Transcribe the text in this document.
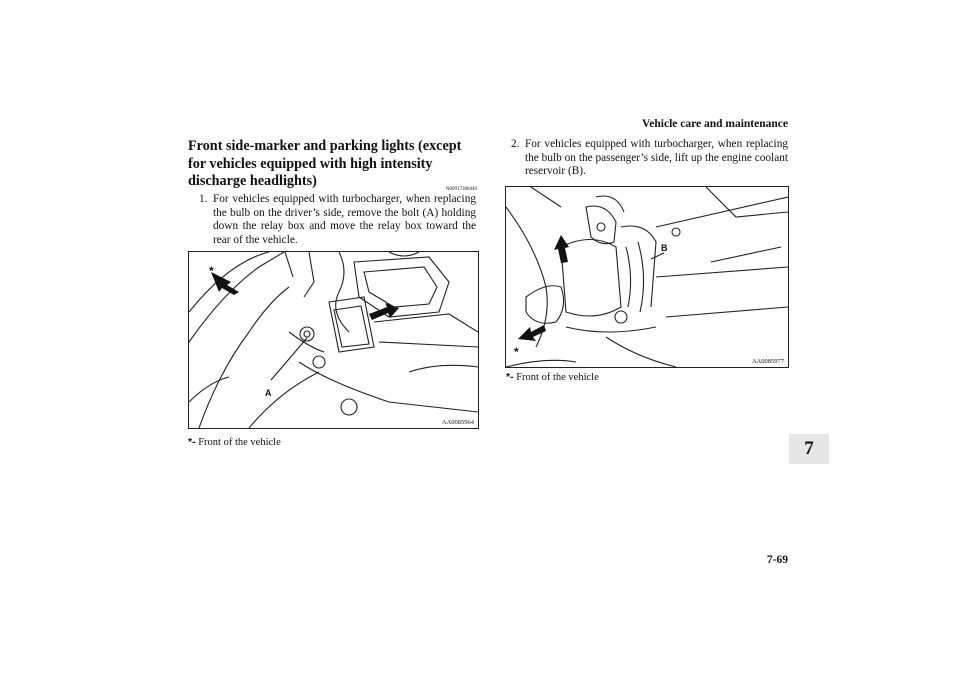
Vehicle care and maintenance
Front side-marker and parking lights (except for vehicles equipped with high intensity discharge headlights)
N00917300440
1. For vehicles equipped with turbocharger, when replacing the bulb on the driver’s side, remove the bolt (A) holding down the relay box and move the relay box toward the rear of the vehicle.
*
A
AA0085964
*- Front of the vehicle
2. For vehicles equipped with turbocharger, when replacing the bulb on the passenger’s side, lift up the engine coolant reservoir (B).
B
*
AA0085977
*- Front of the vehicle
7
7-69
